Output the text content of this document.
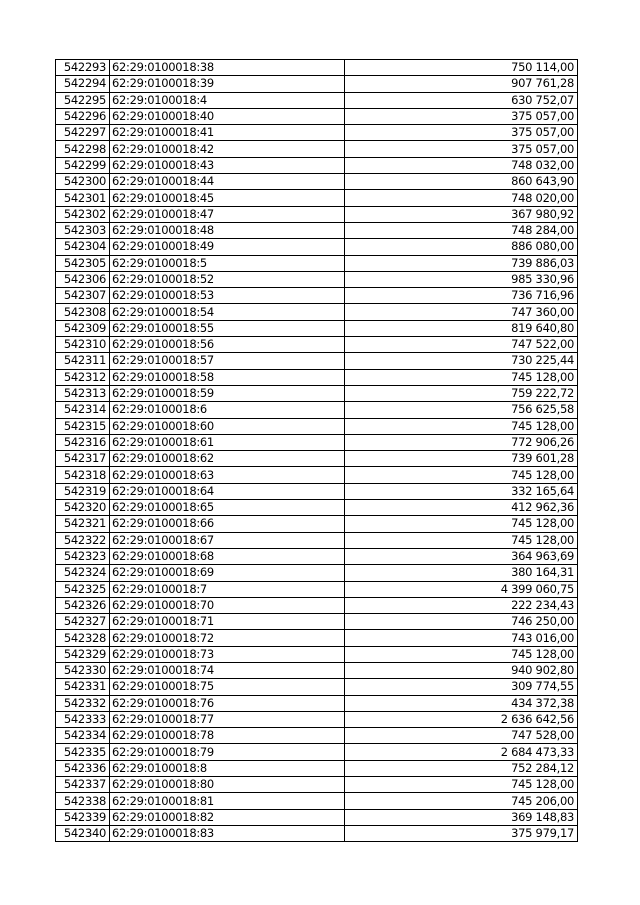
542293	62:29:0100018:38	750 114,00
542294	62:29:0100018:39	907 761,28
542295	62:29:0100018:4	630 752,07
542296	62:29:0100018:40	375 057,00
542297	62:29:0100018:41	375 057,00
542298	62:29:0100018:42	375 057,00
542299	62:29:0100018:43	748 032,00
542300	62:29:0100018:44	860 643,90
542301	62:29:0100018:45	748 020,00
542302	62:29:0100018:47	367 980,92
542303	62:29:0100018:48	748 284,00
542304	62:29:0100018:49	886 080,00
542305	62:29:0100018:5	739 886,03
542306	62:29:0100018:52	985 330,96
542307	62:29:0100018:53	736 716,96
542308	62:29:0100018:54	747 360,00
542309	62:29:0100018:55	819 640,80
542310	62:29:0100018:56	747 522,00
542311	62:29:0100018:57	730 225,44
542312	62:29:0100018:58	745 128,00
542313	62:29:0100018:59	759 222,72
542314	62:29:0100018:6	756 625,58
542315	62:29:0100018:60	745 128,00
542316	62:29:0100018:61	772 906,26
542317	62:29:0100018:62	739 601,28
542318	62:29:0100018:63	745 128,00
542319	62:29:0100018:64	332 165,64
542320	62:29:0100018:65	412 962,36
542321	62:29:0100018:66	745 128,00
542322	62:29:0100018:67	745 128,00
542323	62:29:0100018:68	364 963,69
542324	62:29:0100018:69	380 164,31
542325	62:29:0100018:7	4 399 060,75
542326	62:29:0100018:70	222 234,43
542327	62:29:0100018:71	746 250,00
542328	62:29:0100018:72	743 016,00
542329	62:29:0100018:73	745 128,00
542330	62:29:0100018:74	940 902,80
542331	62:29:0100018:75	309 774,55
542332	62:29:0100018:76	434 372,38
542333	62:29:0100018:77	2 636 642,56
542334	62:29:0100018:78	747 528,00
542335	62:29:0100018:79	2 684 473,33
542336	62:29:0100018:8	752 284,12
542337	62:29:0100018:80	745 128,00
542338	62:29:0100018:81	745 206,00
542339	62:29:0100018:82	369 148,83
542340	62:29:0100018:83	375 979,17
